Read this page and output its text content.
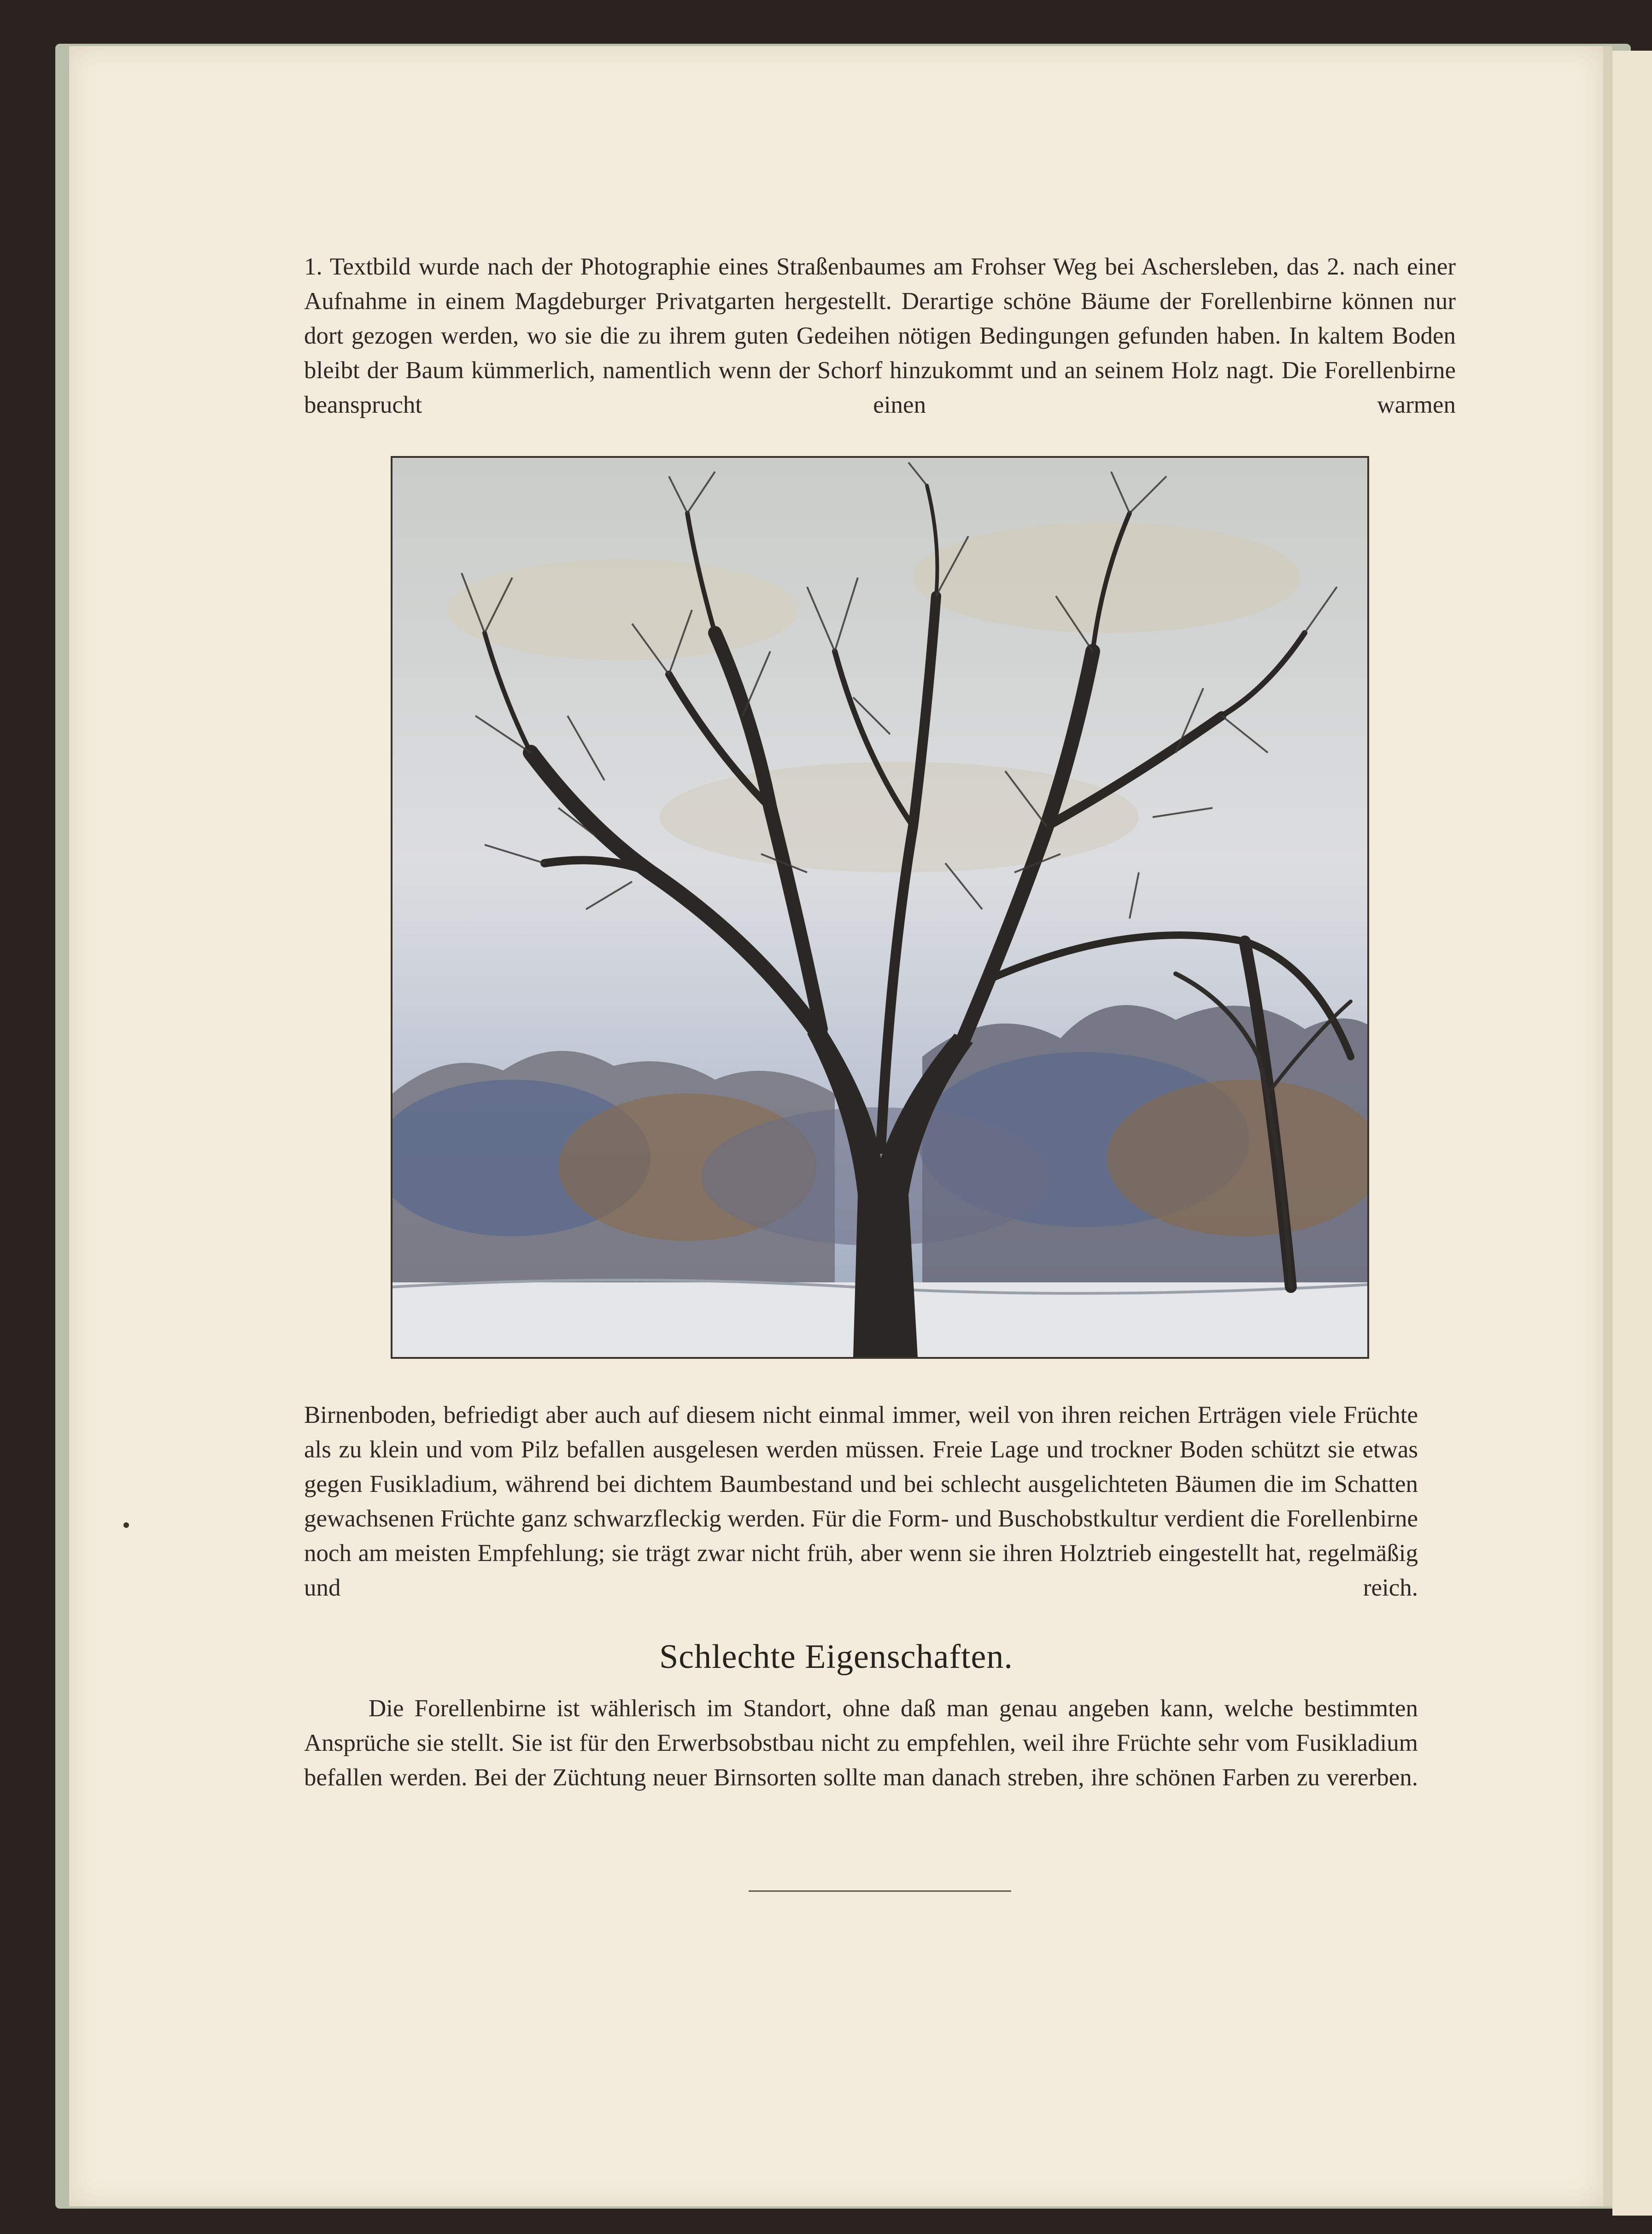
1. Textbild wurde nach der Photographie eines Straßenbaumes am Frohser Weg bei Aschersleben, das 2. nach einer Aufnahme in einem Magdeburger Privatgarten hergestellt. Derartige schöne Bäume der Forellenbirne können nur dort gezogen werden, wo sie die zu ihrem guten Gedeihen nötigen Bedingungen gefunden haben. In kaltem Boden bleibt der Baum kümmerlich, namentlich wenn der Schorf hinzukommt und an seinem Holz nagt. Die Forellenbirne beansprucht einen warmen

Birnenboden, befriedigt aber auch auf diesem nicht einmal immer, weil von ihren reichen Erträgen viele Früchte als zu klein und vom Pilz befallen ausgelesen werden müssen. Freie Lage und trockner Boden schützt sie etwas gegen Fusikladium, während bei dichtem Baumbestand und bei schlecht ausgelichteten Bäumen die im Schatten gewachsenen Früchte ganz schwarzfleckig werden. Für die Form- und Buschobstkultur verdient die Forellenbirne noch am meisten Empfehlung; sie trägt zwar nicht früh, aber wenn sie ihren Holztrieb eingestellt hat, regelmäßig und reich.

Schlechte Eigenschaften.

Die Forellenbirne ist wählerisch im Standort, ohne daß man genau angeben kann, welche bestimmten Ansprüche sie stellt. Sie ist für den Erwerbsobstbau nicht zu empfehlen, weil ihre Früchte sehr vom Fusikladium befallen werden. Bei der Züchtung neuer Birnsorten sollte man danach streben, ihre schönen Farben zu vererben.
